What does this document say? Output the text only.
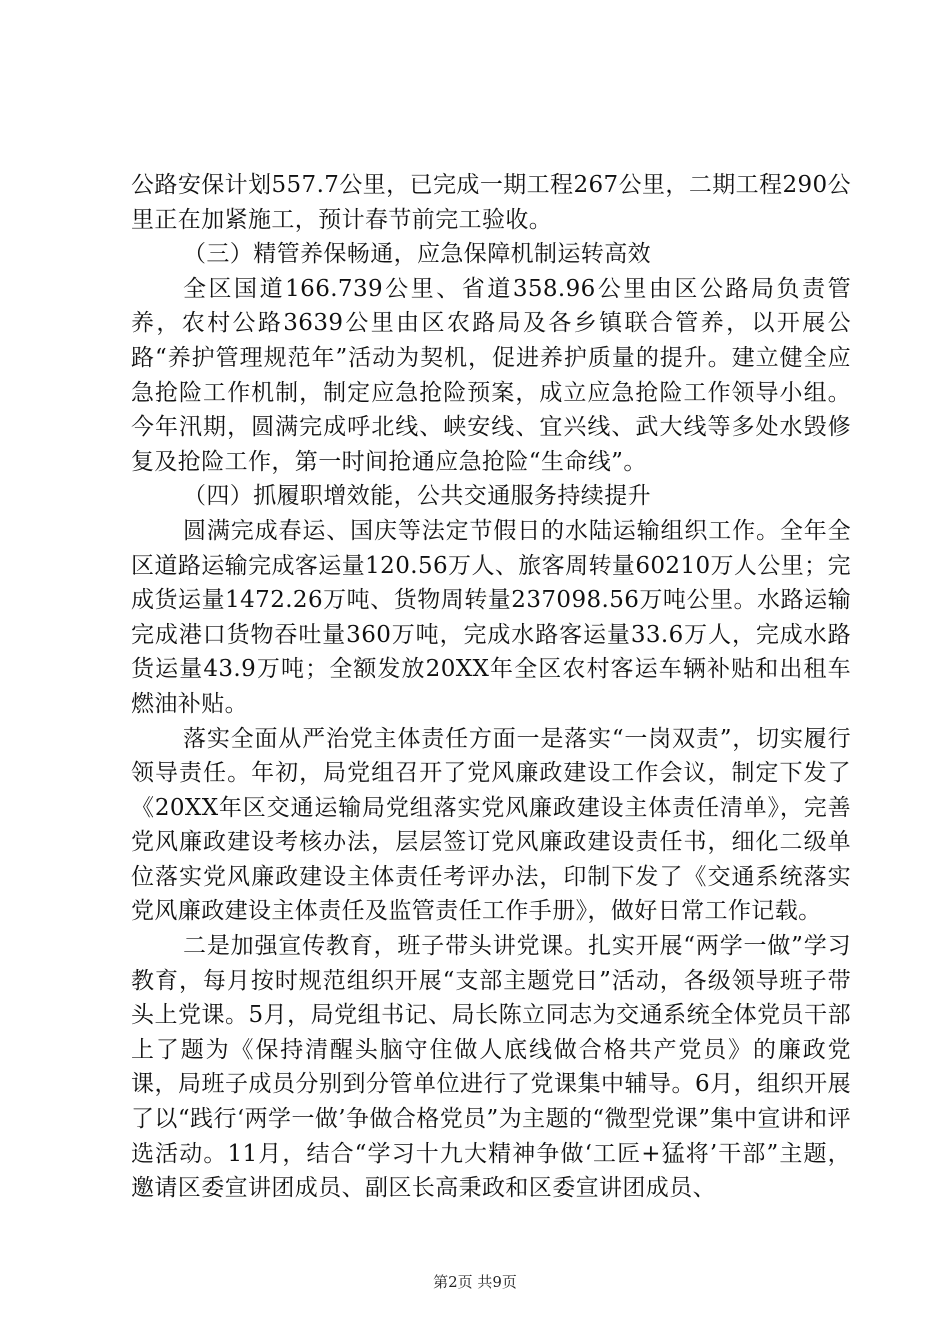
公路安保计划557.7公里，已完成一期工程267公里，二期工程290公里正在加紧施工，预计春节前完工验收。

（三）精管养保畅通，应急保障机制运转高效

全区国道166.739公里、省道358.96公里由区公路局负责管养，农村公路3639公里由区农路局及各乡镇联合管养，以开展公路“养护管理规范年”活动为契机，促进养护质量的提升。建立健全应急抢险工作机制，制定应急抢险预案，成立应急抢险工作领导小组。今年汛期，圆满完成呼北线、峡安线、宜兴线、武大线等多处水毁修复及抢险工作，第一时间抢通应急抢险“生命线”。

（四）抓履职增效能，公共交通服务持续提升

圆满完成春运、国庆等法定节假日的水陆运输组织工作。全年全区道路运输完成客运量120.56万人、旅客周转量60210万人公里；完成货运量1472.26万吨、货物周转量237098.56万吨公里。水路运输完成港口货物吞吐量360万吨，完成水路客运量33.6万人，完成水路货运量43.9万吨；全额发放20XX年全区农村客运车辆补贴和出租车燃油补贴。

落实全面从严治党主体责任方面一是落实“一岗双责”，切实履行领导责任。年初，局党组召开了党风廉政建设工作会议，制定下发了《20XX年区交通运输局党组落实党风廉政建设主体责任清单》，完善党风廉政建设考核办法，层层签订党风廉政建设责任书，细化二级单位落实党风廉政建设主体责任考评办法，印制下发了《交通系统落实党风廉政建设主体责任及监管责任工作手册》，做好日常工作记载。

二是加强宣传教育，班子带头讲党课。扎实开展“两学一做”学习教育，每月按时规范组织开展“支部主题党日”活动，各级领导班子带头上党课。5月，局党组书记、局长陈立同志为交通系统全体党员干部上了题为《保持清醒头脑守住做人底线做合格共产党员》的廉政党课，局班子成员分别到分管单位进行了党课集中辅导。6月，组织开展了以“践行‘两学一做’争做合格党员”为主题的“微型党课”集中宣讲和评选活动。11月，结合“学习十九大精神争做‘工匠+猛将’干部”主题，邀请区委宣讲团成员、副区长高秉政和区委宣讲团成员、

第2页 共9页
